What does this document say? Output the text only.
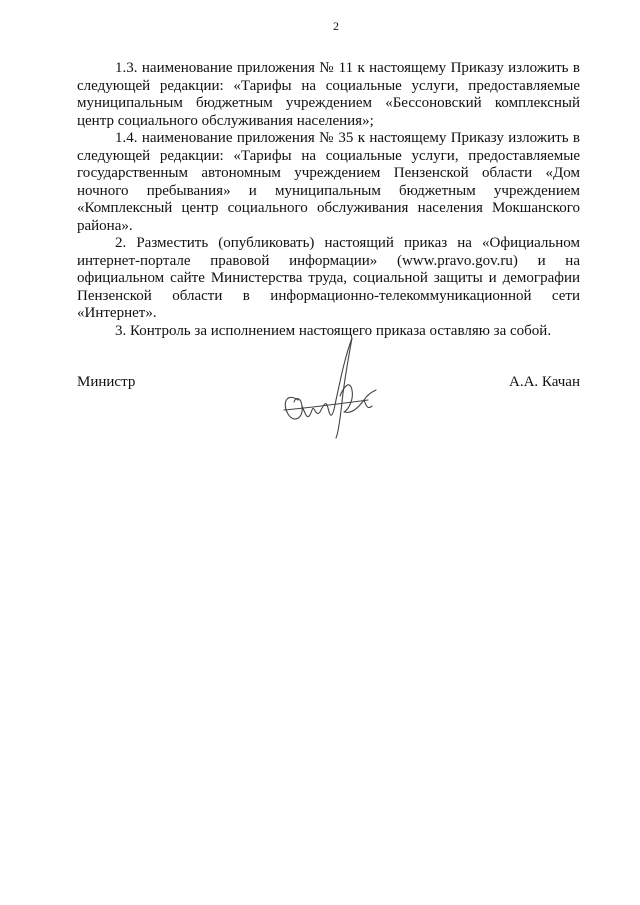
2

1.3. наименование приложения № 11 к настоящему Приказу изложить в следующей редакции: «Тарифы на социальные услуги, предоставляемые муниципальным бюджетным учреждением «Бессоновский комплексный центр социального обслуживания населения»;

1.4. наименование приложения № 35 к настоящему Приказу изложить в следующей редакции: «Тарифы на социальные услуги, предоставляемые государственным автономным учреждением Пензенской области «Дом ночного пребывания» и муниципальным бюджетным учреждением «Комплексный центр социального обслуживания населения Мокшанского района».

2. Разместить (опубликовать) настоящий приказ на «Официальном интернет-портале правовой информации» (www.pravo.gov.ru) и на официальном сайте Министерства труда, социальной защиты и демографии Пензенской области в информационно-телекоммуникационной сети «Интернет».

3. Контроль за исполнением настоящего приказа оставляю за собой.

Министр	А.А. Качан
